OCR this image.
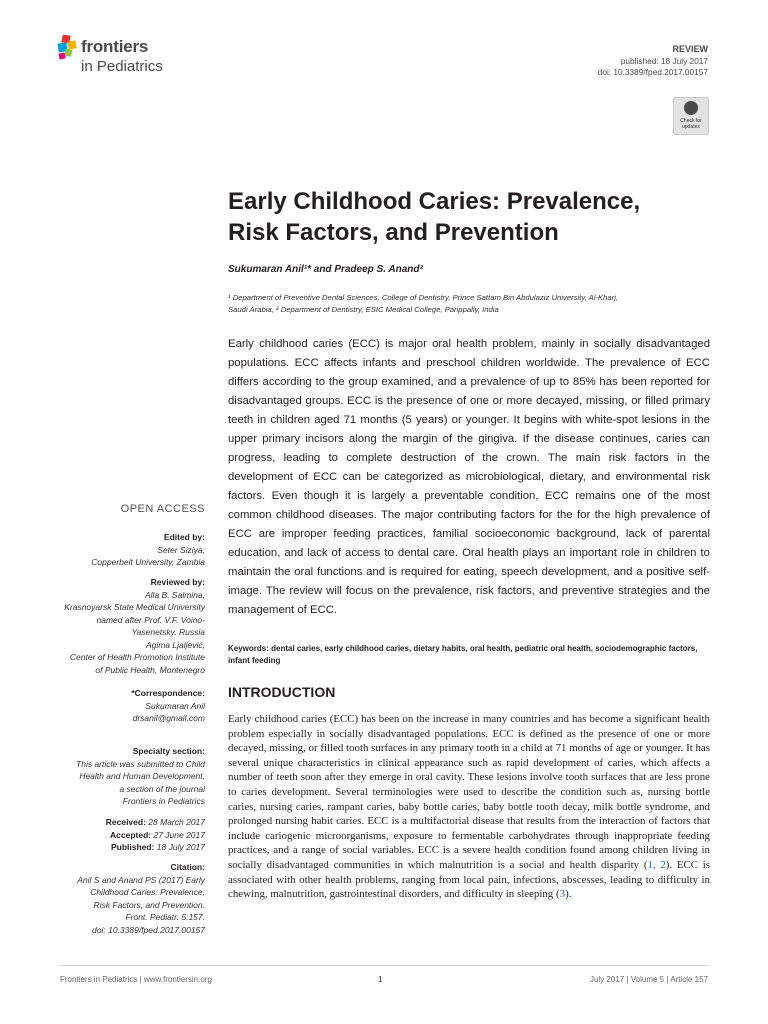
frontiers
in Pediatrics
REVIEW
published: 18 July 2017
doi: 10.3389/fped.2017.00157
Check for updates
Early Childhood Caries: Prevalence,
Risk Factors, and Prevention
Sukumaran Anil¹* and Pradeep S. Anand²
¹ Department of Preventive Dental Sciences, College of Dentistry, Prince Sattam Bin Abdulaziz University, Al-Kharj,
Saudi Arabia, ² Department of Dentistry, ESIC Medical College, Parippally, India
Early childhood caries (ECC) is major oral health problem, mainly in socially disadvantaged populations. ECC affects infants and preschool children worldwide. The prevalence of ECC differs according to the group examined, and a prevalence of up to 85% has been reported for disadvantaged groups. ECC is the presence of one or more decayed, missing, or filled primary teeth in children aged 71 months (5 years) or younger. It begins with white-spot lesions in the upper primary incisors along the margin of the gingiva. If the disease continues, caries can progress, leading to complete destruction of the crown. The main risk factors in the development of ECC can be categorized as microbiological, dietary, and environmental risk factors. Even though it is largely a preventable condition, ECC remains one of the most common childhood diseases. The major contributing factors for the for the high prevalence of ECC are improper feeding practices, familial socioeconomic background, lack of parental education, and lack of access to dental care. Oral health plays an important role in children to maintain the oral functions and is required for eating, speech development, and a positive self-image. The review will focus on the prevalence, risk factors, and preventive strategies and the management of ECC.
Keywords: dental caries, early childhood caries, dietary habits, oral health, pediatric oral health, sociodemographic factors, infant feeding
INTRODUCTION
Early childhood caries (ECC) has been on the increase in many countries and has become a significant health problem especially in socially disadvantaged populations. ECC is defined as the presence of one or more decayed, missing, or filled tooth surfaces in any primary tooth in a child at 71 months of age or younger. It has several unique characteristics in clinical appearance such as rapid development of caries, which affects a number of teeth soon after they emerge in oral cavity. These lesions involve tooth surfaces that are less prone to caries development. Several terminologies were used to describe the condition such as, nursing bottle caries, nursing caries, rampant caries, baby bottle caries, baby bottle tooth decay, milk bottle syndrome, and prolonged nursing habit caries. ECC is a multifactorial disease that results from the interaction of factors that include cariogenic microorganisms, exposure to fermentable carbohydrates through inappropriate feeding practices, and a range of social variables. ECC is a severe health condition found among children living in socially disadvantaged communities in which malnutrition is a social and health disparity (1, 2). ECC is associated with other health problems, ranging from local pain, infections, abscesses, leading to difficulty in chewing, malnutrition, gastrointestinal disorders, and difficulty in sleeping (3).
OPEN ACCESS
Edited by:
Seter Siziya,
Copperbelt University, Zambia
Reviewed by:
Alla B. Salmina,
Krasnoyarsk State Medical University
named after Prof. V.F. Voino-
Yasenetsky, Russia
Agima Ljaljević,
Center of Health Promotion Institute
of Public Health, Montenegro
*Correspondence:
Sukumaran Anil
drsanil@gmail.com
Specialty section:
This article was submitted to Child
Health and Human Development,
a section of the journal
Frontiers in Pediatrics
Received: 28 March 2017
Accepted: 27 June 2017
Published: 18 July 2017
Citation:
Anil S and Anand PS (2017) Early
Childhood Caries: Prevalence,
Risk Factors, and Prevention.
Front. Pediatr. 5:157.
doi: 10.3389/fped.2017.00157
Frontiers in Pediatrics | www.frontiersin.org	1	July 2017 | Volume 5 | Article 157
